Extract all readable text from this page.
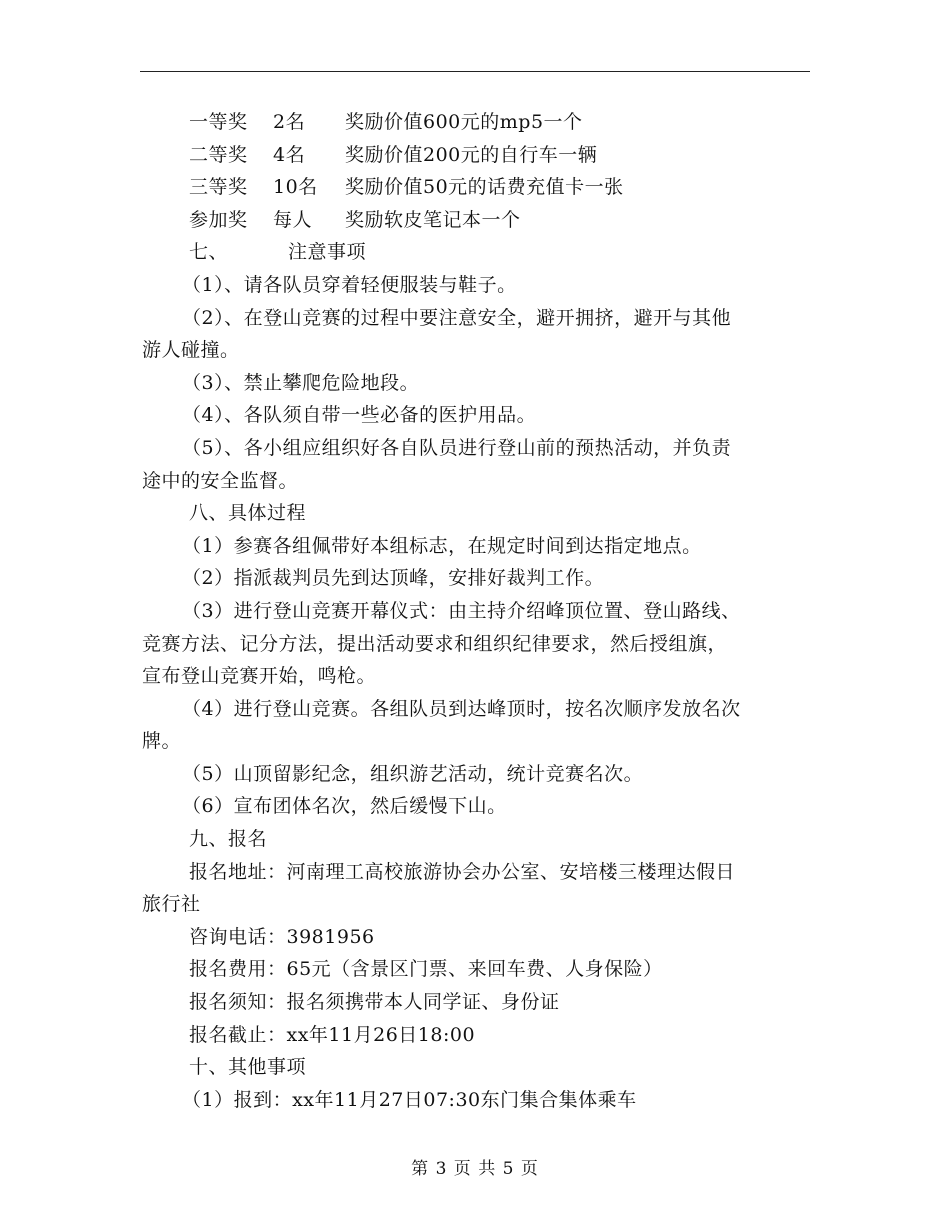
一等奖 2名 奖励价值600元的mp5一个
二等奖 4名 奖励价值200元的自行车一辆
三等奖 10名 奖励价值50元的话费充值卡一张
参加奖 每人 奖励软皮笔记本一个
七、	注意事项
（1）、请各队员穿着轻便服装与鞋子。
（2）、在登山竞赛的过程中要注意安全，避开拥挤，避开与其他
游人碰撞。
（3）、禁止攀爬危险地段。
（4）、各队须自带一些必备的医护用品。
（5）、各小组应组织好各自队员进行登山前的预热活动，并负责
途中的安全监督。
八、具体过程
（1）参赛各组佩带好本组标志，在规定时间到达指定地点。
（2）指派裁判员先到达顶峰，安排好裁判工作。
（3）进行登山竞赛开幕仪式：由主持介绍峰顶位置、登山路线、
竞赛方法、记分方法，提出活动要求和组织纪律要求，然后授组旗，
宣布登山竞赛开始，鸣枪。
（4）进行登山竞赛。各组队员到达峰顶时，按名次顺序发放名次
牌。
（5）山顶留影纪念，组织游艺活动，统计竞赛名次。
（6）宣布团体名次，然后缓慢下山。
九、报名
报名地址：河南理工高校旅游协会办公室、安培楼三楼理达假日
旅行社
咨询电话：3981956
报名费用：65元（含景区门票、来回车费、人身保险）
报名须知：报名须携带本人同学证、身份证
报名截止：xx年11月26日18:00
十、其他事项
（1）报到：xx年11月27日07:30东门集合集体乘车
第 3 页 共 5 页
